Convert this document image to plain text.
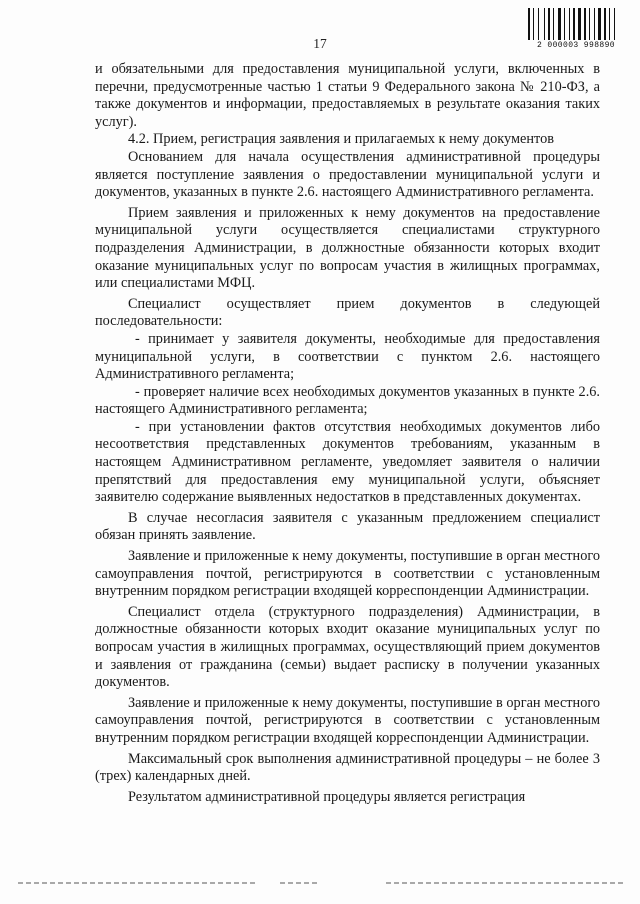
2 000003 998890
17

и обязательными для предоставления муниципальной услуги, включенных в перечни, предусмотренные частью 1 статьи 9 Федерального закона № 210-ФЗ, а также документов и информации, предоставляемых в результате оказания таких услуг).

4.2. Прием, регистрация заявления и прилагаемых к нему документов

Основанием для начала осуществления административной процедуры является поступление заявления о предоставлении муниципальной услуги и документов, указанных в пункте 2.6. настоящего Административного регламента.

Прием заявления и приложенных к нему документов на предоставление муниципальной услуги осуществляется специалистами структурного подразделения Администрации, в должностные обязанности которых входит оказание муниципальных услуг по вопросам участия в жилищных программах, или специалистами МФЦ.

Специалист осуществляет прием документов в следующей последовательности:

- принимает у заявителя документы, необходимые для предоставления муниципальной услуги, в соответствии с пунктом 2.6. настоящего Административного регламента;

- проверяет наличие всех необходимых документов указанных в пункте 2.6. настоящего Административного регламента;

- при установлении фактов отсутствия необходимых документов либо несоответствия представленных документов требованиям, указанным в настоящем Административном регламенте, уведомляет заявителя о наличии препятствий для предоставления ему муниципальной услуги, объясняет заявителю содержание выявленных недостатков в представленных документах.

В случае несогласия заявителя с указанным предложением специалист обязан принять заявление.

Заявление и приложенные к нему документы, поступившие в орган местного самоуправления почтой, регистрируются в соответствии с установленным внутренним порядком регистрации входящей корреспонденции Администрации.

Специалист отдела (структурного подразделения) Администрации, в должностные обязанности которых входит оказание муниципальных услуг по вопросам участия в жилищных программах, осуществляющий прием документов и заявления от гражданина (семьи) выдает расписку в получении указанных документов.

Заявление и приложенные к нему документы, поступившие в орган местного самоуправления почтой, регистрируются в соответствии с установленным внутренним порядком регистрации входящей корреспонденции Администрации.

Максимальный срок выполнения административной процедуры – не более 3 (трех) календарных дней.

Результатом административной процедуры является регистрация
